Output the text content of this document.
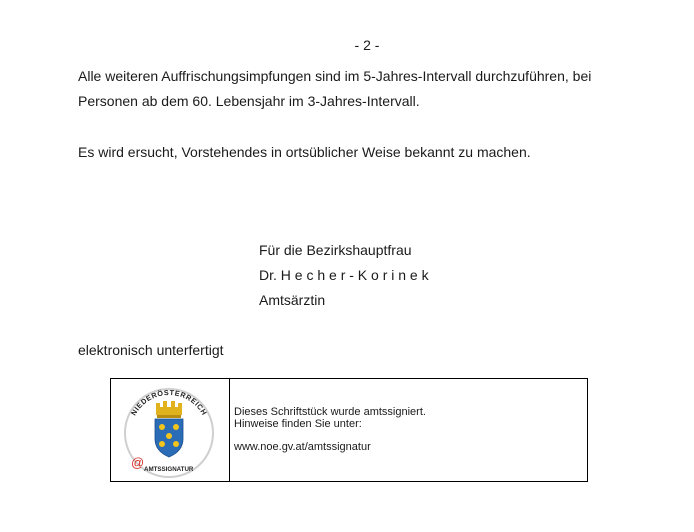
- 2 -
Alle weiteren Auffrischungsimpfungen sind im 5-Jahres-Intervall durchzuführen, bei
Personen ab dem 60. Lebensjahr im 3-Jahres-Intervall.
Es wird ersucht, Vorstehendes in ortsüblicher Weise bekannt zu machen.
Für die Bezirkshauptfrau
Dr. H e c h e r - K o r i n e k
Amtsärztin
elektronisch unterfertigt
NIEDERÖSTERREICH
@ AMTSSIGNATUR
Dieses Schriftstück wurde amtssigniert.
Hinweise finden Sie unter:
www.noe.gv.at/amtssignatur
